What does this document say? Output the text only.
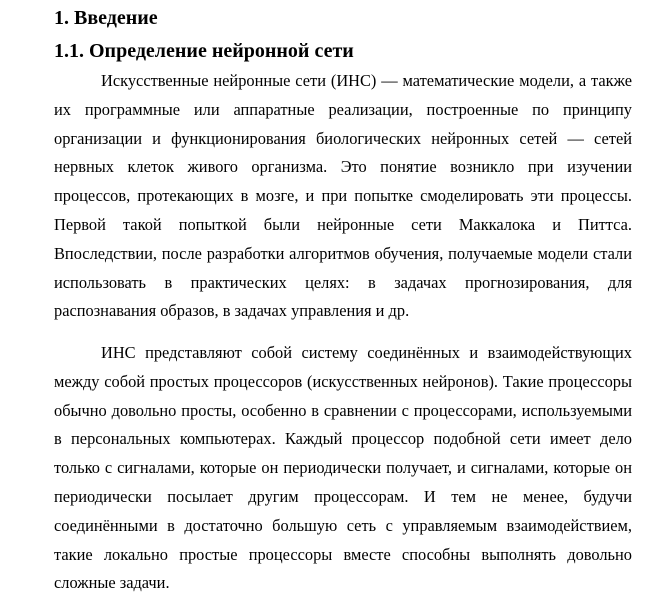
1. Введение
1.1. Определение нейронной сети

Искусственные нейронные сети (ИНС) — математические модели, а также их программные или аппаратные реализации, построенные по принципу организации и функционирования биологических нейронных сетей — сетей нервных клеток живого организма. Это понятие возникло при изучении процессов, протекающих в мозге, и при попытке смоделировать эти процессы. Первой такой попыткой были нейронные сети Маккалока и Питтса. Впоследствии, после разработки алгоритмов обучения, получаемые модели стали использовать в практических целях: в задачах прогнозирования, для распознавания образов, в задачах управления и др.

ИНС представляют собой систему соединённых и взаимодействующих между собой простых процессоров (искусственных нейронов). Такие процессоры обычно довольно просты, особенно в сравнении с процессорами, используемыми в персональных компьютерах. Каждый процессор подобной сети имеет дело только с сигналами, которые он периодически получает, и сигналами, которые он периодически посылает другим процессорам. И тем не менее, будучи соединёнными в достаточно большую сеть с управляемым взаимодействием, такие локально простые процессоры вместе способны выполнять довольно сложные задачи.
